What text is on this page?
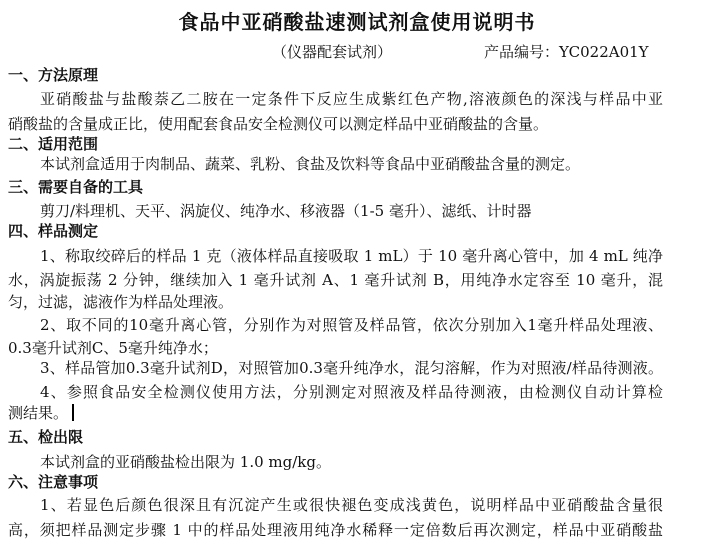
食品中亚硝酸盐速测试剂盒使用说明书
（仪器配套试剂）	产品编号：YC022A01Y
一、方法原理
亚硝酸盐与盐酸萘乙二胺在一定条件下反应生成紫红色产物,溶液颜色的深浅与样品中亚
硝酸盐的含量成正比，使用配套食品安全检测仪可以测定样品中亚硝酸盐的含量。
二、适用范围
本试剂盒适用于肉制品、蔬菜、乳粉、食盐及饮料等食品中亚硝酸盐含量的测定。
三、需要自备的工具
剪刀/料理机、天平、涡旋仪、纯净水、移液器（1-5 毫升）、滤纸、计时器
四、样品测定
1、称取绞碎后的样品 1 克（液体样品直接吸取 1 mL）于 10 毫升离心管中，加 4 mL 纯净
水，涡旋振荡 2 分钟，继续加入 1 毫升试剂 A、1 毫升试剂 B，用纯净水定容至 10 毫升，混
匀，过滤，滤液作为样品处理液。
2、取不同的10毫升离心管，分别作为对照管及样品管，依次分别加入1毫升样品处理液、
0.3毫升试剂C、5毫升纯净水；
3、样品管加0.3毫升试剂D，对照管加0.3毫升纯净水，混匀溶解，作为对照液/样品待测液。
4、参照食品安全检测仪使用方法，分别测定对照液及样品待测液，由检测仪自动计算检
测结果。
五、检出限
本试剂盒的亚硝酸盐检出限为 1.0 mg/kg。
六、注意事项
1、若显色后颜色很深且有沉淀产生或很快褪色变成浅黄色，说明样品中亚硝酸盐含量很
高，须把样品测定步骤 1 中的样品处理液用纯净水稀释一定倍数后再次测定，样品中亚硝酸盐
